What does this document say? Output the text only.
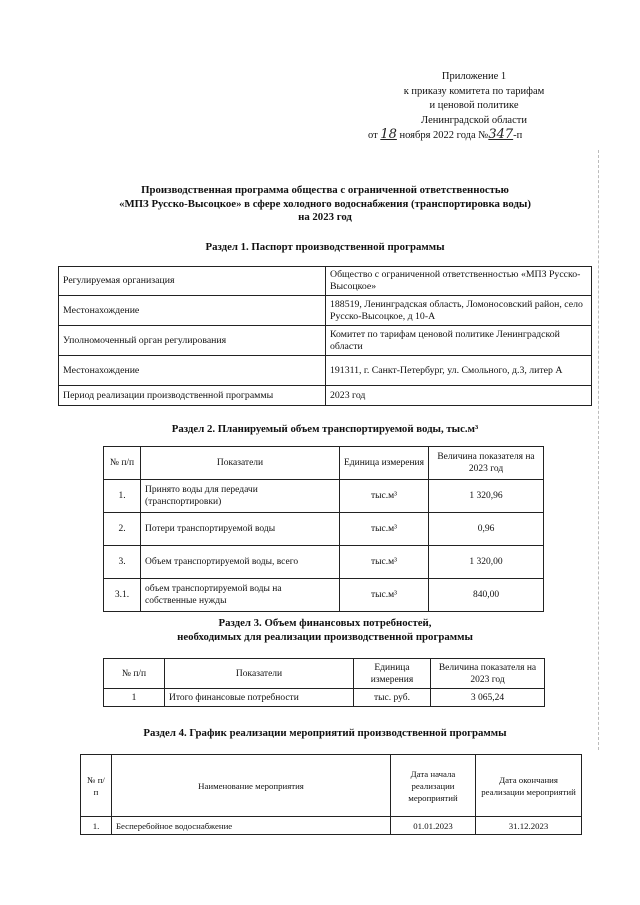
Приложение 1
к приказу комитета по тарифам
и ценовой политике
Ленинградской области
от 18 ноября 2022 года №347-п
Производственная программа общества с ограниченной ответственностью
«МПЗ Русско-Высоцкое» в сфере холодного водоснабжения (транспортировка воды)
на 2023 год
Раздел 1. Паспорт производственной программы
Регулируемая организация	Общество с ограниченной ответственностью «МПЗ Русско-Высоцкое»
Местонахождение	188519, Ленинградская область, Ломоносовский район, село Русско-Высоцкое, д 10-А
Уполномоченный орган регулирования	Комитет по тарифам ценовой политике Ленинградской области
Местонахождение	191311, г. Санкт-Петербург, ул. Смольного, д.3, литер А
Период реализации производственной программы	2023 год
Раздел 2. Планируемый объем транспортируемой воды, тыс.м³
№ п/п	Показатели	Единица измерения	Величина показателя на 2023 год
1.	Принято воды для передачи (транспортировки)	тыс.м³	1 320,96
2.	Потери транспортируемой воды	тыс.м³	0,96
3.	Объем транспортируемой воды, всего	тыс.м³	1 320,00
3.1.	объем транспортируемой воды на собственные нужды	тыс.м³	840,00
Раздел 3. Объем финансовых потребностей,
необходимых для реализации производственной программы
№ п/п	Показатели	Единица измерения	Величина показателя на 2023 год
1	Итого финансовые потребности	тыс. руб.	3 065,24
Раздел 4. График реализации мероприятий производственной программы
№ п/п	Наименование мероприятия	Дата начала реализации мероприятий	Дата окончания реализации мероприятий
1.	Бесперебойное водоснабжение	01.01.2023	31.12.2023
